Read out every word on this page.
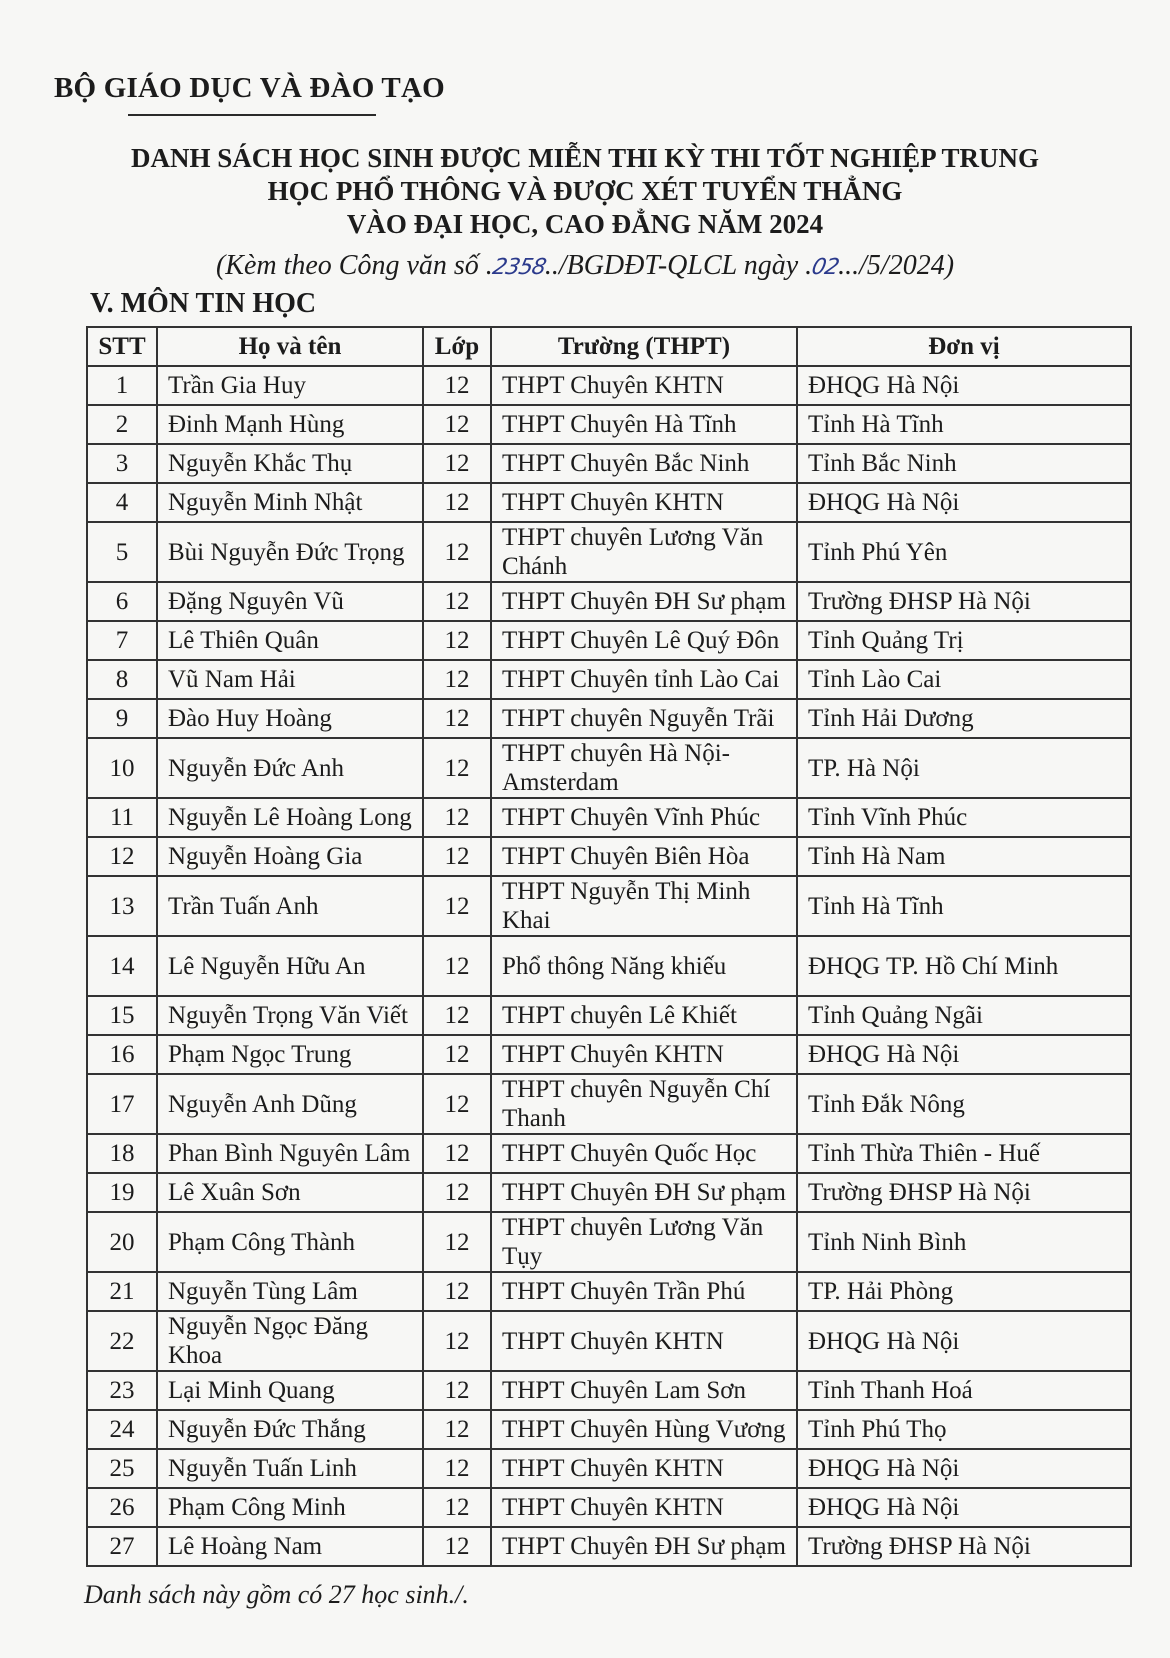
BỘ GIÁO DỤC VÀ ĐÀO TẠO
DANH SÁCH HỌC SINH ĐƯỢC MIỄN THI KỲ THI TỐT NGHIỆP TRUNG
HỌC PHỔ THÔNG VÀ ĐƯỢC XÉT TUYỂN THẲNG
VÀO ĐẠI HỌC, CAO ĐẲNG NĂM 2024
(Kèm theo Công văn số .2358../BGDĐT-QLCL ngày .02.../5/2024)
V. MÔN TIN HỌC
STT	Họ và tên	Lớp	Trường (THPT)	Đơn vị
1	Trần Gia Huy	12	THPT Chuyên KHTN	ĐHQG Hà Nội
2	Đinh Mạnh Hùng	12	THPT Chuyên Hà Tĩnh	Tỉnh Hà Tĩnh
3	Nguyễn Khắc Thụ	12	THPT Chuyên Bắc Ninh	Tỉnh Bắc Ninh
4	Nguyễn Minh Nhật	12	THPT Chuyên KHTN	ĐHQG Hà Nội
5	Bùi Nguyễn Đức Trọng	12	THPT chuyên Lương Văn Chánh	Tỉnh Phú Yên
6	Đặng Nguyên Vũ	12	THPT Chuyên ĐH Sư phạm	Trường ĐHSP Hà Nội
7	Lê Thiên Quân	12	THPT Chuyên Lê Quý Đôn	Tỉnh Quảng Trị
8	Vũ Nam Hải	12	THPT Chuyên tỉnh Lào Cai	Tỉnh Lào Cai
9	Đào Huy Hoàng	12	THPT chuyên Nguyễn Trãi	Tỉnh Hải Dương
10	Nguyễn Đức Anh	12	THPT chuyên Hà Nội-Amsterdam	TP. Hà Nội
11	Nguyễn Lê Hoàng Long	12	THPT Chuyên Vĩnh Phúc	Tỉnh Vĩnh Phúc
12	Nguyễn Hoàng Gia	12	THPT Chuyên Biên Hòa	Tỉnh Hà Nam
13	Trần Tuấn Anh	12	THPT Nguyễn Thị Minh Khai	Tỉnh Hà Tĩnh
14	Lê Nguyễn Hữu An	12	Phổ thông Năng khiếu	ĐHQG TP. Hồ Chí Minh
15	Nguyễn Trọng Văn Viết	12	THPT chuyên Lê Khiết	Tỉnh Quảng Ngãi
16	Phạm Ngọc Trung	12	THPT Chuyên KHTN	ĐHQG Hà Nội
17	Nguyễn Anh Dũng	12	THPT chuyên Nguyễn Chí Thanh	Tỉnh Đắk Nông
18	Phan Bình Nguyên Lâm	12	THPT Chuyên Quốc Học	Tỉnh Thừa Thiên - Huế
19	Lê Xuân Sơn	12	THPT Chuyên ĐH Sư phạm	Trường ĐHSP Hà Nội
20	Phạm Công Thành	12	THPT chuyên Lương Văn Tụy	Tỉnh Ninh Bình
21	Nguyễn Tùng Lâm	12	THPT Chuyên Trần Phú	TP. Hải Phòng
22	Nguyễn Ngọc Đăng Khoa	12	THPT Chuyên KHTN	ĐHQG Hà Nội
23	Lại Minh Quang	12	THPT Chuyên Lam Sơn	Tỉnh Thanh Hoá
24	Nguyễn Đức Thắng	12	THPT Chuyên Hùng Vương	Tỉnh Phú Thọ
25	Nguyễn Tuấn Linh	12	THPT Chuyên KHTN	ĐHQG Hà Nội
26	Phạm Công Minh	12	THPT Chuyên KHTN	ĐHQG Hà Nội
27	Lê Hoàng Nam	12	THPT Chuyên ĐH Sư phạm	Trường ĐHSP Hà Nội
Danh sách này gồm có 27 học sinh./.
